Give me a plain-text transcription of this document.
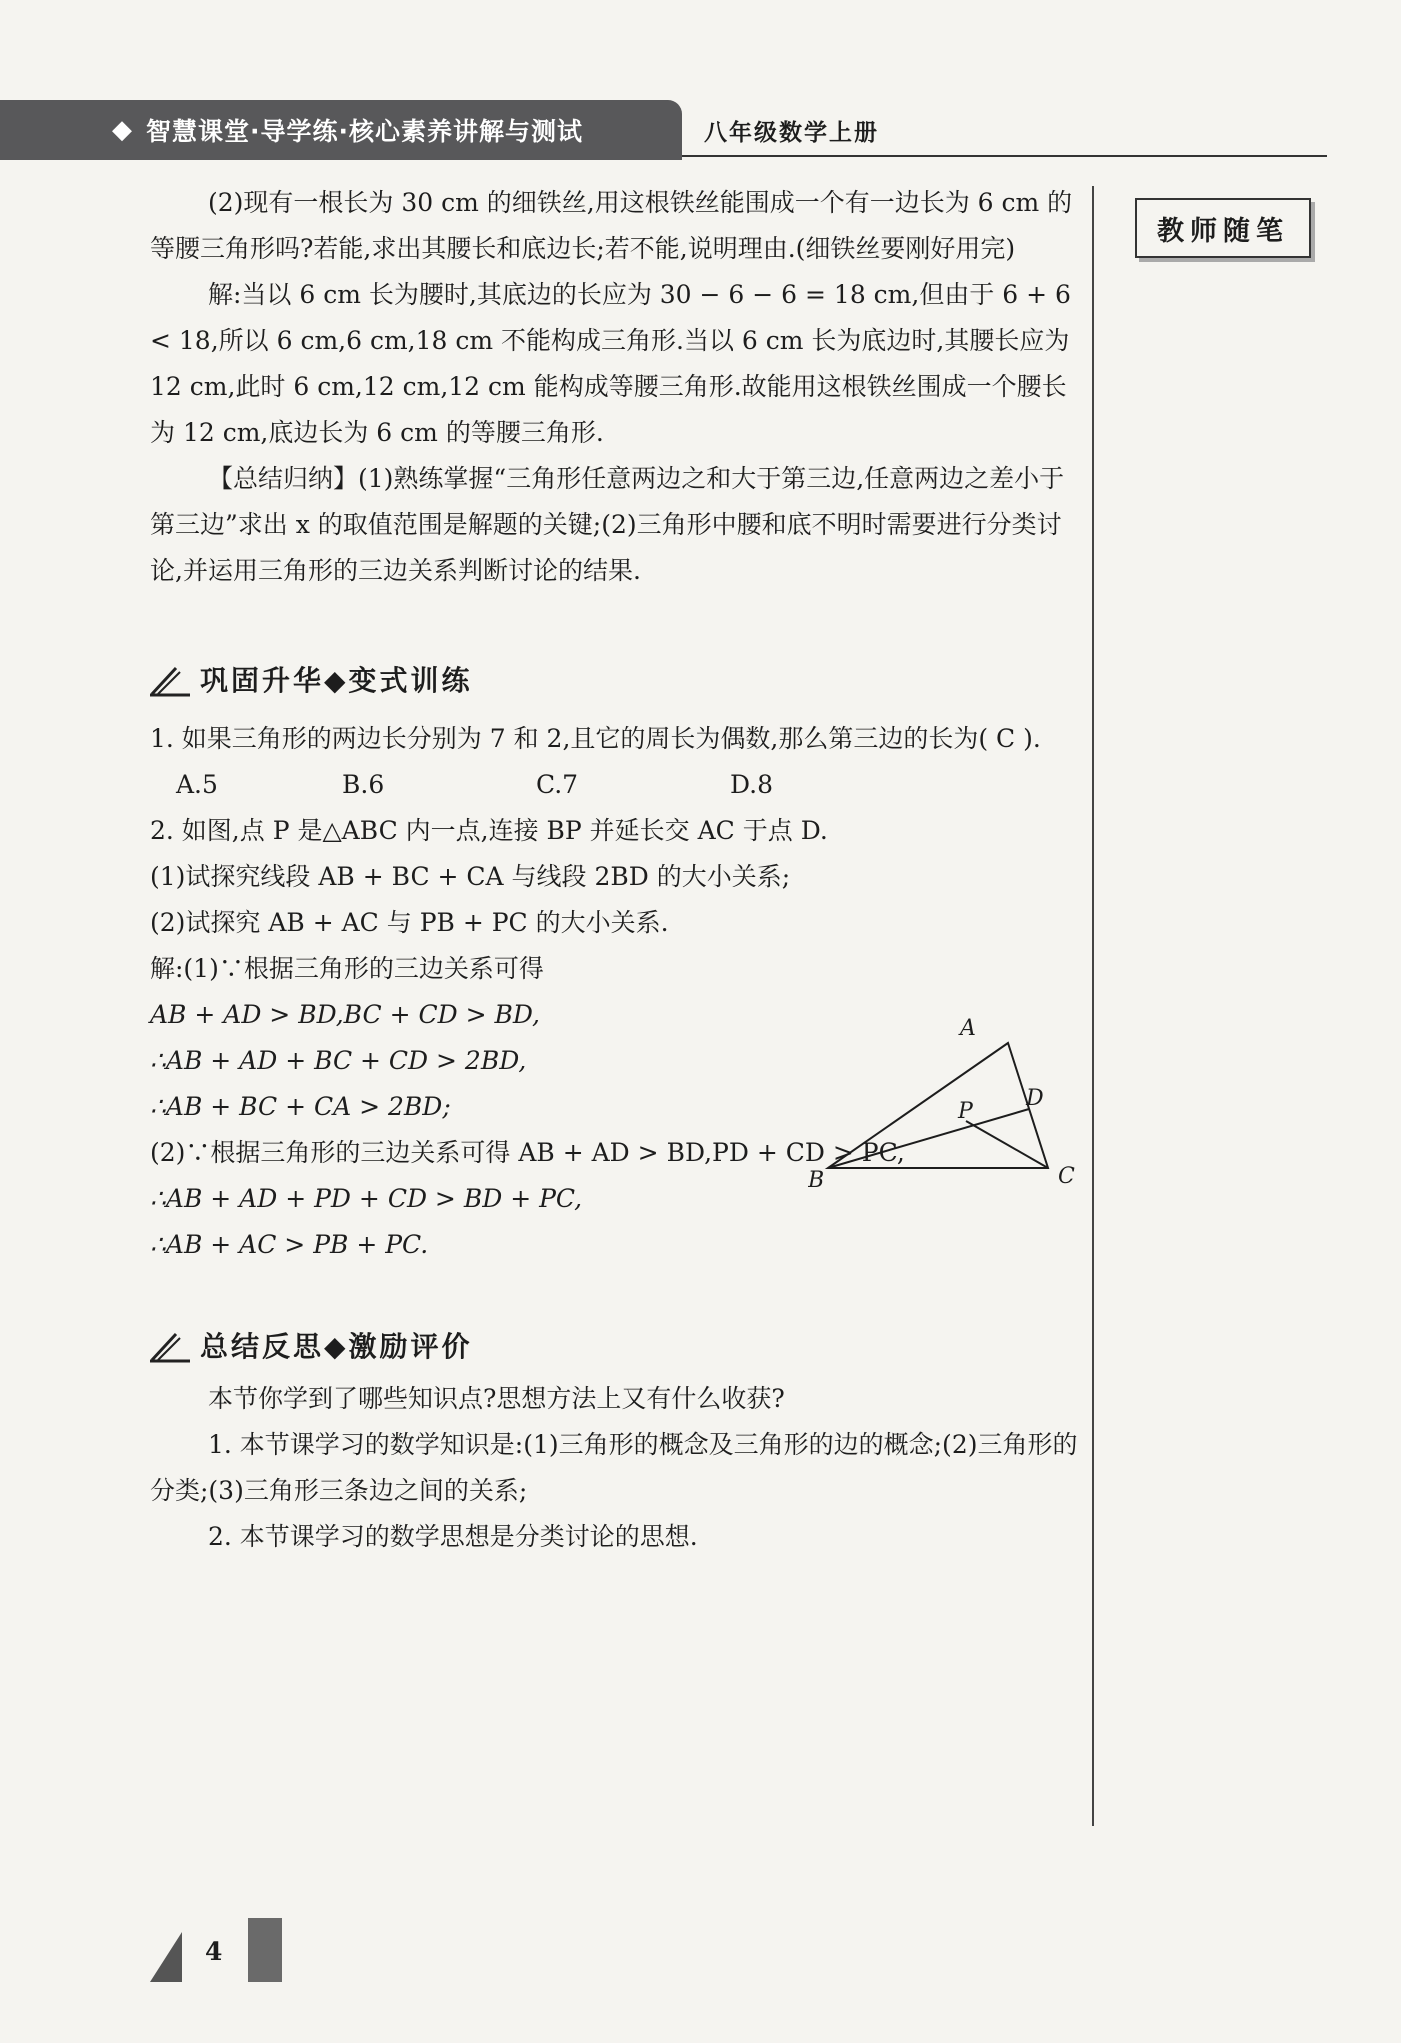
◆ 智慧课堂·导学练·核心素养讲解与测试	八年级数学上册
教师随笔

(2)现有一根长为 30 cm 的细铁丝,用这根铁丝能围成一个有一边长为 6 cm 的等腰三角形吗?若能,求出其腰长和底边长;若不能,说明理由.(细铁丝要刚好用完)

解:当以 6 cm 长为腰时,其底边的长应为 30 − 6 − 6 = 18 cm,但由于 6 + 6 < 18,所以 6 cm,6 cm,18 cm 不能构成三角形.当以 6 cm 长为底边时,其腰长应为 12 cm,此时 6 cm,12 cm,12 cm 能构成等腰三角形.故能用这根铁丝围成一个腰长为 12 cm,底边长为 6 cm 的等腰三角形.

【总结归纳】(1)熟练掌握“三角形任意两边之和大于第三边,任意两边之差小于第三边”求出 x 的取值范围是解题的关键;(2)三角形中腰和底不明时需要进行分类讨论,并运用三角形的三边关系判断讨论的结果.

巩固升华◆变式训练

1. 如果三角形的两边长分别为 7 和 2,且它的周长为偶数,那么第三边的长为( C ).

A.5	B.6	C.7	D.8

2. 如图,点 P 是△ABC 内一点,连接 BP 并延长交 AC 于点 D.

(1)试探究线段 AB + BC + CA 与线段 2BD 的大小关系;

(2)试探究 AB + AC 与 PB + PC 的大小关系.

解:(1)∵根据三角形的三边关系可得

AB + AD > BD,BC + CD > BD,

∴AB + AD + BC + CD > 2BD,

∴AB + BC + CA > 2BD;

(2)∵根据三角形的三边关系可得 AB + AD > BD,PD + CD > PC,

∴AB + AD + PD + CD > BD + PC,

∴AB + AC > PB + PC.

总结反思◆激励评价

本节你学到了哪些知识点?思想方法上又有什么收获?

1. 本节课学习的数学知识是:(1)三角形的概念及三角形的边的概念;(2)三角形的分类;(3)三角形三条边之间的关系;

2. 本节课学习的数学思想是分类讨论的思想.

P
A
B	C
D
4
